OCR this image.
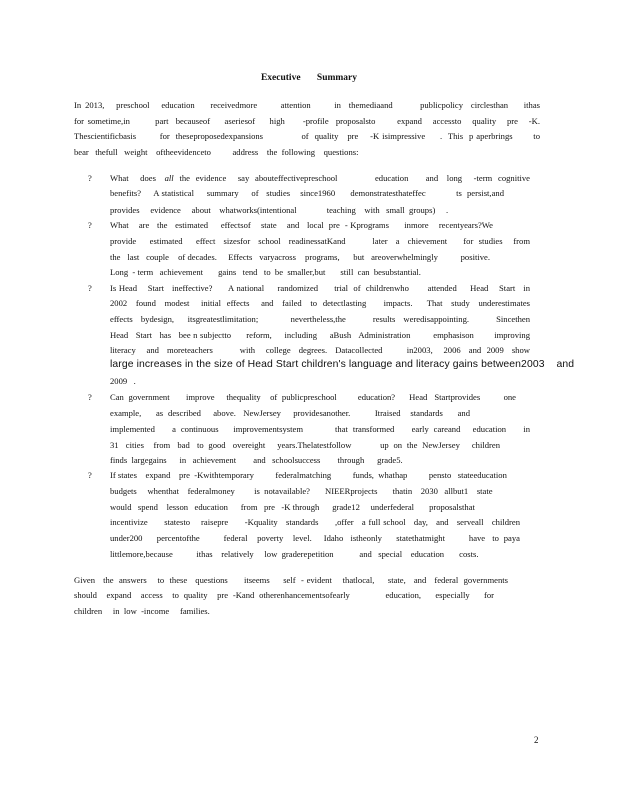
Executive Summary
In 2013,   preschool   education    receivedmore      attention      in  themediaand       publicpolicy  circlesthan    ithas
for sometime,in       part  becauseof    aseriesof    high     -profile  proposalsto      expand   accessto   quality   pre   -K.
Thescientificbasis        for  theseproposedexpansions             of  quality   pre    -K isimpressive     .  This  p aperbrings       to
bear   thefull   weight    oftheevidenceto          address    the  following    questions:
? What    does   all  the  evidence    say  abouteffectivepreschool             education      and   long    -term  cognitive
benefits?     A statistical     summary     of   studies    since1960      demonstratesthateffec            ts  persist,and
provides     evidence     about    whatworks(intentional              teaching    with   small  groups)     .
? What    are   the   estimated     effectsof    state    and   local  pre  - Kprograms      inmore    recentyears?We
provide     estimated     effect   sizesfor   school   readinessatKand          later   a   chievement      for  studies    from
the   last   couple    of decades.     Effects   varyacross    programs,      but   areoverwhelmingly          positive.
Long  - term   achievement       gains   tend   to  be  smaller,but       still  can  besubstantial.
? Is Head    Start   ineffective?      A national     randomized      trial  of  childrenwho       attended     Head    Start   in
2002   found   modest    initial  effects    and   failed   to  detectlasting      impacts.     That   study   underestimates
effects   bydesign,     itsgreatestlimitation;            nevertheless,the          results   weredisappointing.          Sincethen
Head   Start   has   bee n subjectto      reform,     including     aBush   Administration         emphasison        improving
literacy    and   moreteachers          with    college   degrees.   Datacollected         in2003,    2006   and  2009   show
large increases in the size of Head Start children's language and literacy gains between2003    and
2009   .
? Can  government       improve     thequality    of  publicpreschool         education?      Head   Startprovides          one
example,      as  described     above.   NewJersey     providesanother.          Itraised    standards      and
implemented       a  continuous      improvementsystem             that  transformed       early  careand     education       in
31   cities    from   bad   to  good   overeight     years.Thelatestfollow            up  on  the  NewJersey     children
finds  largegains      in   achievement        and   schoolsuccess        through      grade5.
? If states    expand    pre  -Kwithtemporary          federalmatching          funds,  whathap          pensto   stateeducation
budgets     whenthat    federalmoney         is  notavailable?       NIEERprojects       thatin    2030   allbut1    state
would   spend    lesson   education      from   pre   -K through      grade12     underfederal       proposalsthat
incentivize      statesto    raisepre      -Kquality   standards      ,offer   a full school   day,   and   serveall   children
under200      percentofthe          federal    poverty    level.     Idaho   istheonly      statethatmight          have   to  paya
littlemore,because           ithas    relatively     low  graderepetition            and   special    education       costs.
Given   the  answers    to  these   questions      itseems     self  - evident    thatlocal,     state,   and   federal  governments
should    expand    access    to  quality    pre  -Kand  otherenhancementsofearly               education,      especially      for
children     in  low  -income     families.
2
